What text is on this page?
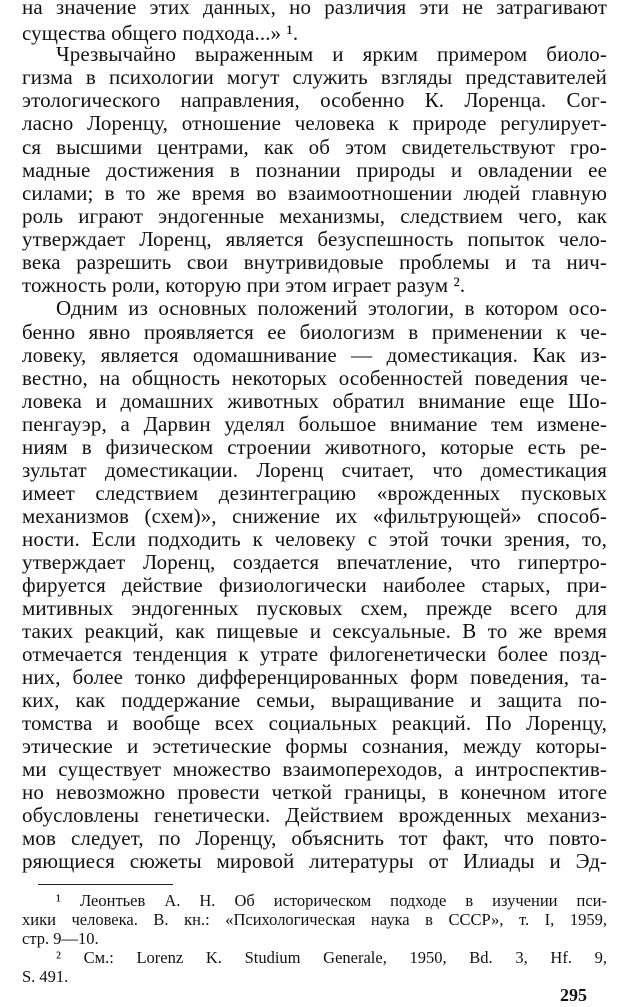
на значение этих данных, но различия эти не затрагивают
существа общего подхода...» ¹.
Чрезвычайно выраженным и ярким примером биоло-
гизма в психологии могут служить взгляды представителей
этологического направления, особенно К. Лоренца. Сог-
ласно Лоренцу, отношение человека к природе регулирует-
ся высшими центрами, как об этом свидетельствуют гро-
мадные достижения в познании природы и овладении ее
силами; в то же время во взаимоотношении людей главную
роль играют эндогенные механизмы, следствием чего, как
утверждает Лоренц, является безуспешность попыток чело-
века разрешить свои внутривидовые проблемы и та нич-
тожность роли, которую при этом играет разум ².
Одним из основных положений этологии, в котором осо-
бенно явно проявляется ее биологизм в применении к че-
ловеку, является одомашнивание — доместикация. Как из-
вестно, на общность некоторых особенностей поведения че-
ловека и домашних животных обратил внимание еще Шо-
пенгауэр, а Дарвин уделял большое внимание тем измене-
ниям в физическом строении животного, которые есть ре-
зультат доместикации. Лоренц считает, что доместикация
имеет следствием дезинтеграцию «врожденных пусковых
механизмов (схем)», снижение их «фильтрующей» способ-
ности. Если подходить к человеку с этой точки зрения, то,
утверждает Лоренц, создается впечатление, что гипертро-
фируется действие физиологически наиболее старых, при-
митивных эндогенных пусковых схем, прежде всего для
таких реакций, как пищевые и сексуальные. В то же время
отмечается тенденция к утрате филогенетически более позд-
них, более тонко дифференцированных форм поведения, та-
ких, как поддержание семьи, выращивание и защита по-
томства и вообще всех социальных реакций. По Лоренцу,
этические и эстетические формы сознания, между которы-
ми существует множество взаимопереходов, а интроспектив-
но невозможно провести четкой границы, в конечном итоге
обусловлены генетически. Действием врожденных механиз-
мов следует, по Лоренцу, объяснить тот факт, что повто-
ряющиеся сюжеты мировой литературы от Илиады и Эд-
¹ Леонтьев А. Н. Об историческом подходе в изучении пси-
хики человека. В. кн.: «Психологическая наука в СССР», т. I, 1959,
стр. 9—10.
² См.: Lorenz K. Studium Generale, 1950, Bd. 3, Hf. 9,
S. 491.
295
